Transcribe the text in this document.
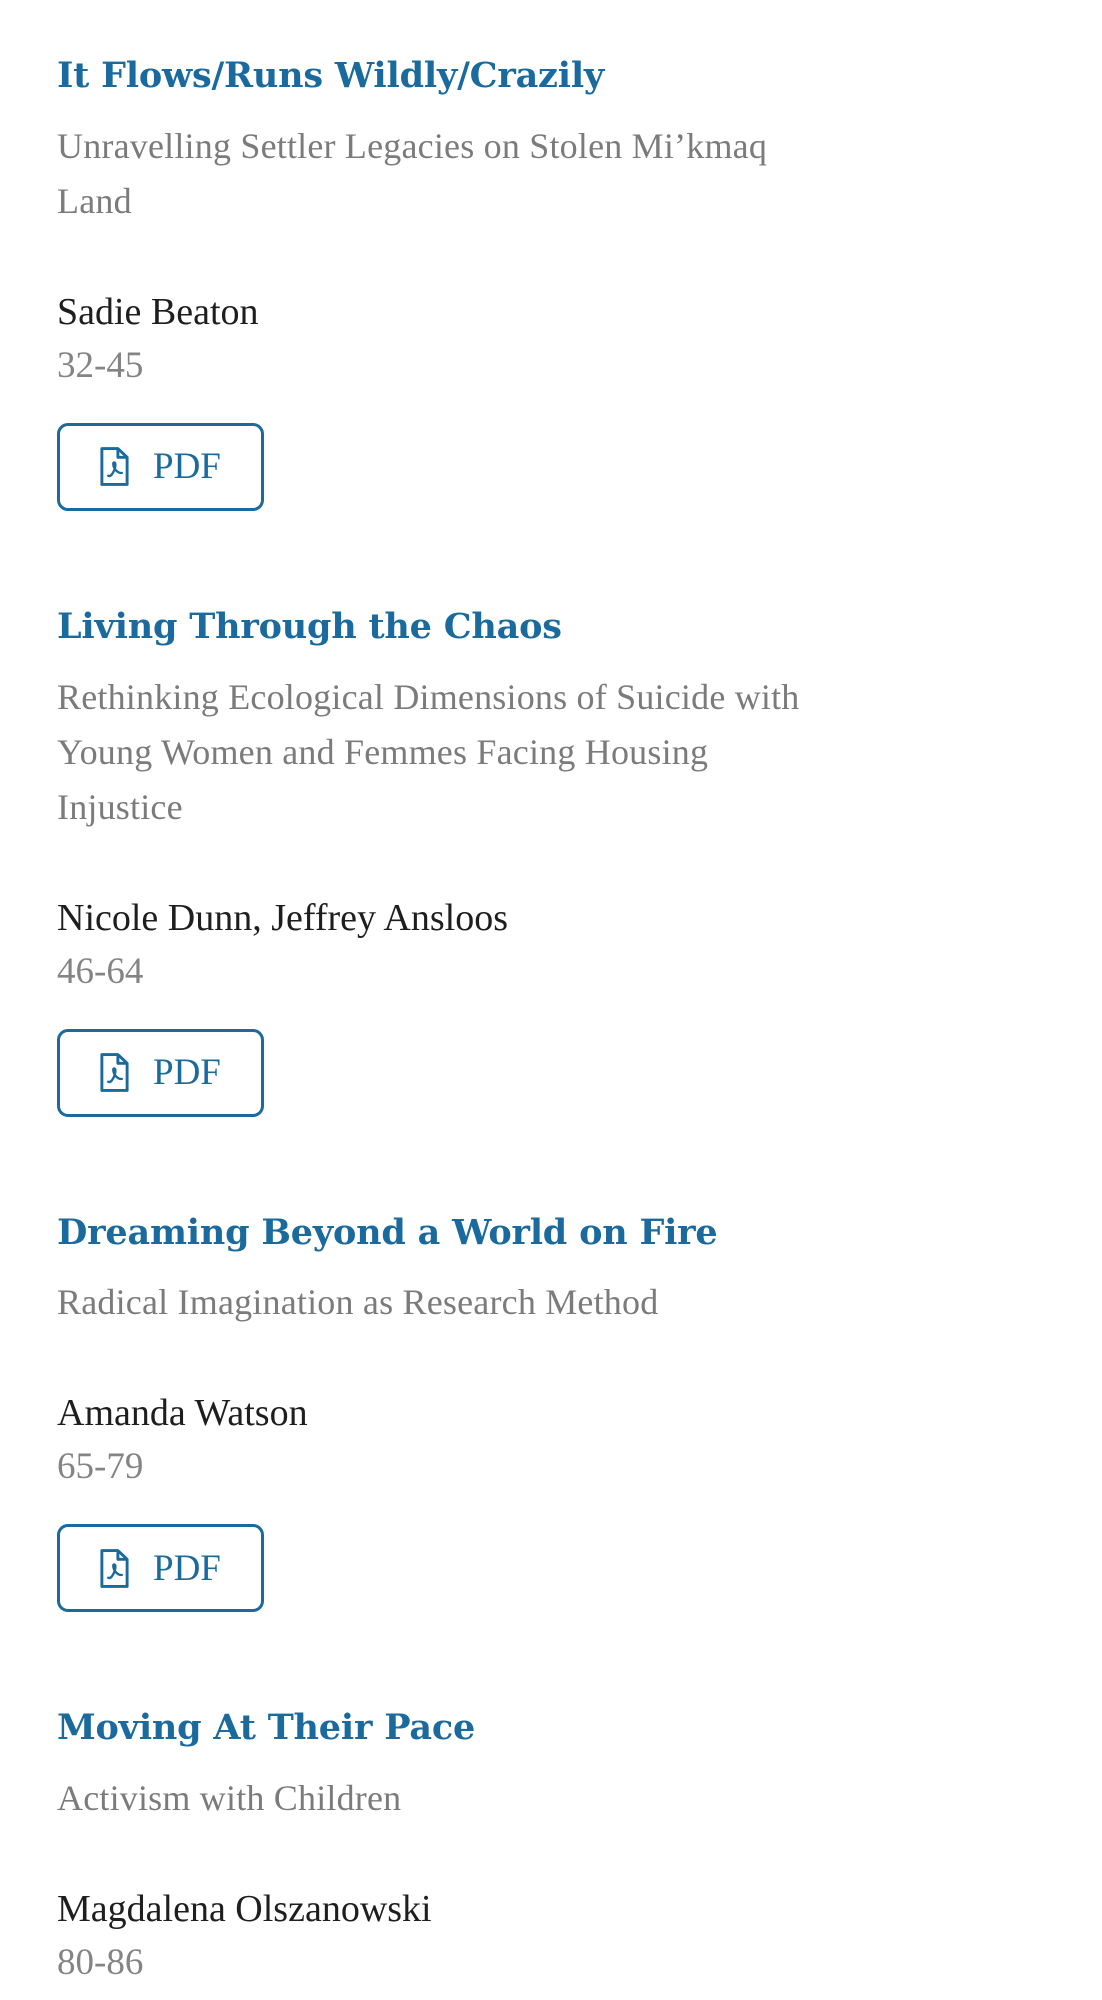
It Flows/Runs Wildly/Crazily
Unravelling Settler Legacies on Stolen Mi’kmaq Land
Sadie Beaton
32-45
PDF
Living Through the Chaos
Rethinking Ecological Dimensions of Suicide with Young Women and Femmes Facing Housing Injustice
Nicole Dunn, Jeffrey Ansloos
46-64
PDF
Dreaming Beyond a World on Fire
Radical Imagination as Research Method
Amanda Watson
65-79
PDF
Moving At Their Pace
Activism with Children
Magdalena Olszanowski
80-86
